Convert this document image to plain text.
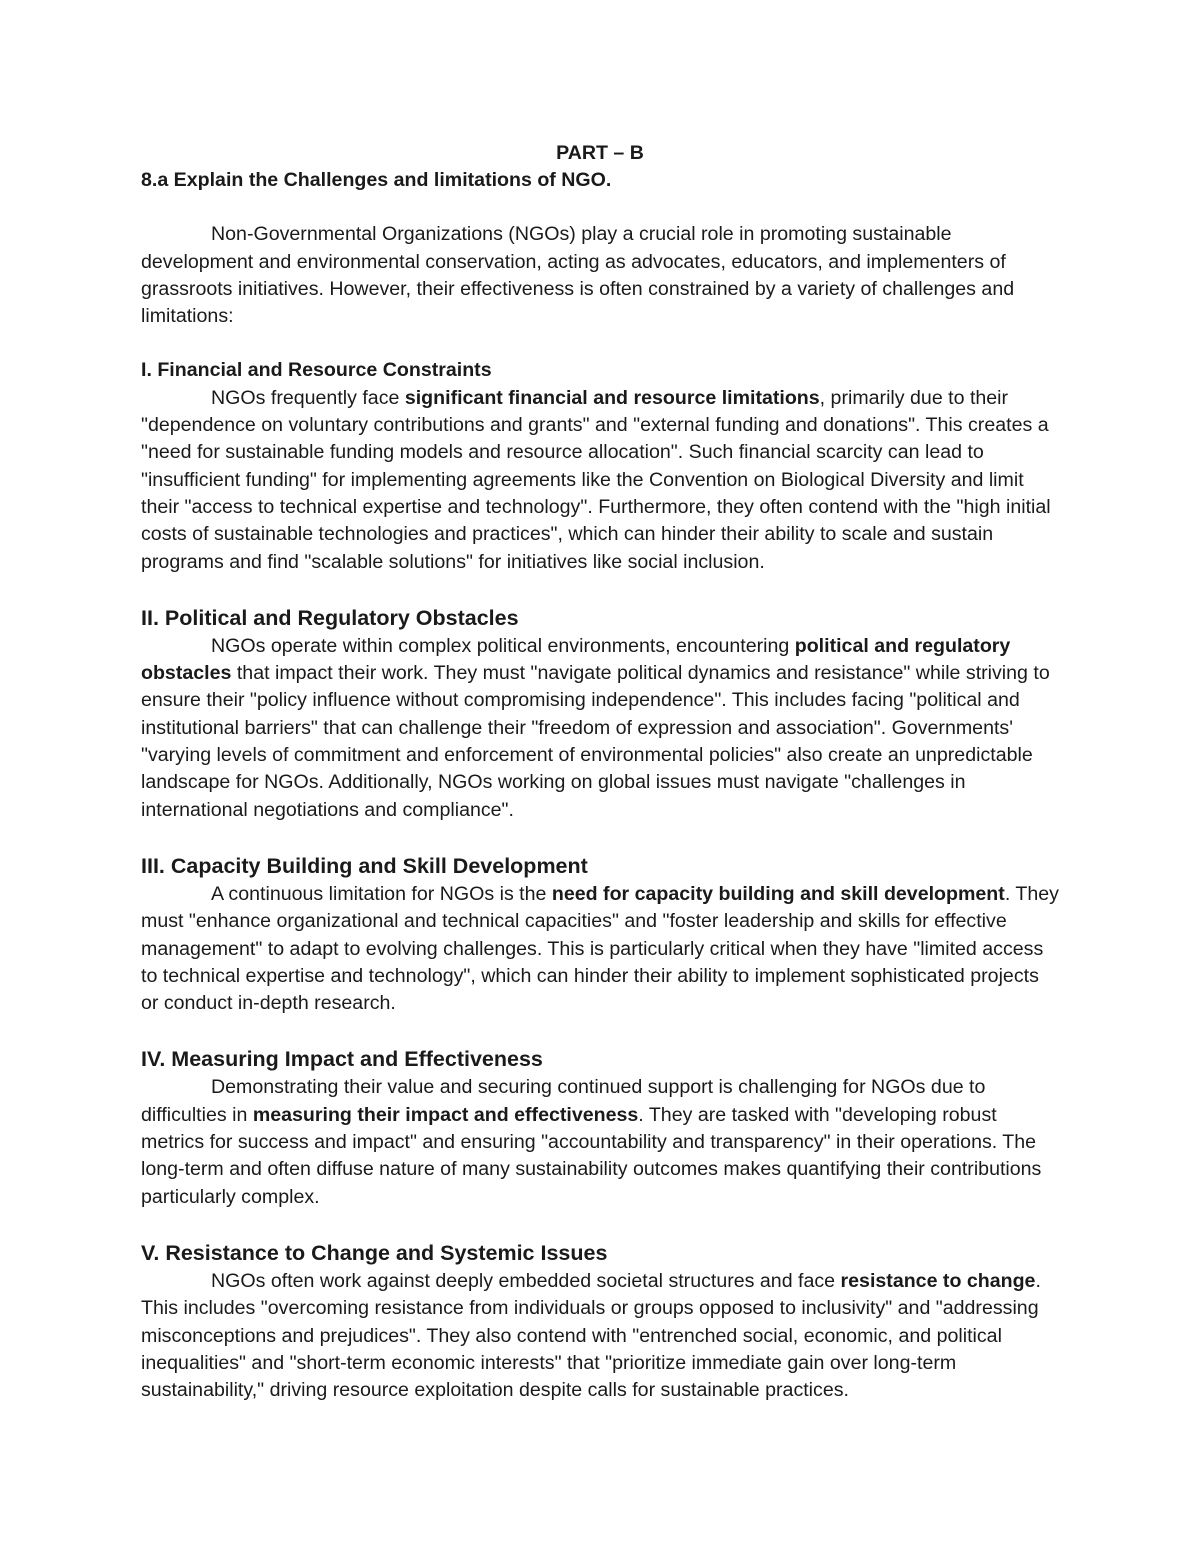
PART – B

8.a Explain the Challenges and limitations of NGO.

Non-Governmental Organizations (NGOs) play a crucial role in promoting sustainable development and environmental conservation, acting as advocates, educators, and implementers of grassroots initiatives. However, their effectiveness is often constrained by a variety of challenges and limitations:

I. Financial and Resource Constraints

NGOs frequently face significant financial and resource limitations, primarily due to their "dependence on voluntary contributions and grants" and "external funding and donations". This creates a "need for sustainable funding models and resource allocation". Such financial scarcity can lead to "insufficient funding" for implementing agreements like the Convention on Biological Diversity and limit their "access to technical expertise and technology". Furthermore, they often contend with the "high initial costs of sustainable technologies and practices", which can hinder their ability to scale and sustain programs and find "scalable solutions" for initiatives like social inclusion.

II. Political and Regulatory Obstacles

NGOs operate within complex political environments, encountering political and regulatory obstacles that impact their work. They must "navigate political dynamics and resistance" while striving to ensure their "policy influence without compromising independence". This includes facing "political and institutional barriers" that can challenge their "freedom of expression and association". Governments' "varying levels of commitment and enforcement of environmental policies" also create an unpredictable landscape for NGOs. Additionally, NGOs working on global issues must navigate "challenges in international negotiations and compliance".

III. Capacity Building and Skill Development

A continuous limitation for NGOs is the need for capacity building and skill development. They must "enhance organizational and technical capacities" and "foster leadership and skills for effective management" to adapt to evolving challenges. This is particularly critical when they have "limited access to technical expertise and technology", which can hinder their ability to implement sophisticated projects or conduct in-depth research.

IV. Measuring Impact and Effectiveness

Demonstrating their value and securing continued support is challenging for NGOs due to difficulties in measuring their impact and effectiveness. They are tasked with "developing robust metrics for success and impact" and ensuring "accountability and transparency" in their operations. The long-term and often diffuse nature of many sustainability outcomes makes quantifying their contributions particularly complex.

V. Resistance to Change and Systemic Issues

NGOs often work against deeply embedded societal structures and face resistance to change. This includes "overcoming resistance from individuals or groups opposed to inclusivity" and "addressing misconceptions and prejudices". They also contend with "entrenched social, economic, and political inequalities" and "short-term economic interests" that "prioritize immediate gain over long-term sustainability," driving resource exploitation despite calls for sustainable practices.
